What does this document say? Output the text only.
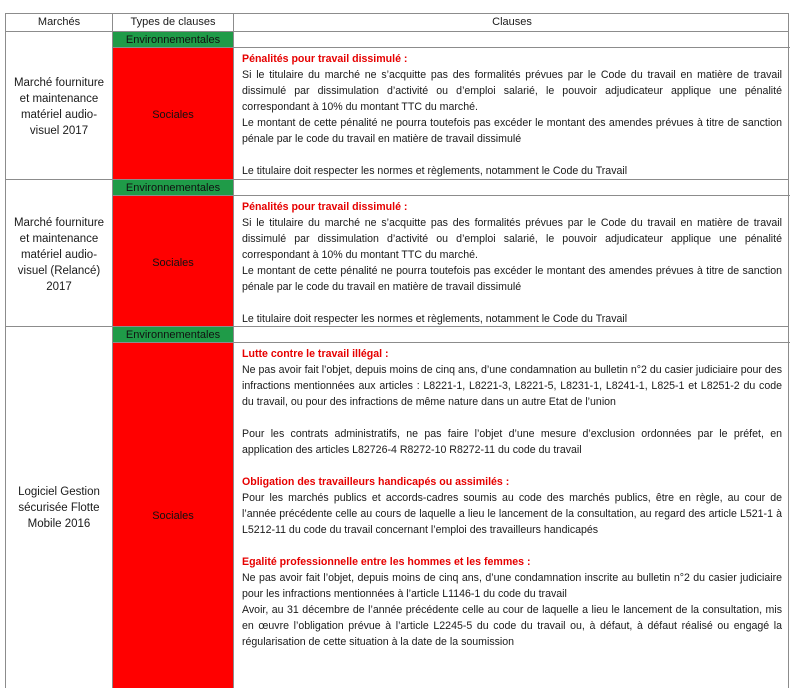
Marchés	Types de clauses	Clauses
Marché fourniture et maintenance matériel audio-visuel 2017
Environnementales
Sociales

Pénalités pour travail dissimulé :

Si le titulaire du marché ne s’acquitte pas des formalités prévues par le Code du travail en matière de travail dissimulé par dissimulation d’activité ou d’emploi salarié, le pouvoir adjudicateur applique une pénalité correspondant à 10% du montant TTC du marché.

Le montant de cette pénalité ne pourra toutefois pas excéder le montant des amendes prévues à titre de sanction pénale par le code du travail en matière de travail dissimulé

Le titulaire doit respecter les normes et règlements, notamment le Code du Travail

Marché fourniture et maintenance matériel audio-visuel (Relancé) 2017
Environnementales
Sociales

Pénalités pour travail dissimulé :

Si le titulaire du marché ne s’acquitte pas des formalités prévues par le Code du travail en matière de travail dissimulé par dissimulation d’activité ou d’emploi salarié, le pouvoir adjudicateur applique une pénalité correspondant à 10% du montant TTC du marché.

Le montant de cette pénalité ne pourra toutefois pas excéder le montant des amendes prévues à titre de sanction pénale par le code du travail en matière de travail dissimulé

Le titulaire doit respecter les normes et règlements, notamment le Code du Travail

Logiciel Gestion sécurisée Flotte Mobile 2016
Environnementales
Sociales

Lutte contre le travail illégal :

Ne pas avoir fait l’objet, depuis moins de cinq ans, d’une condamnation au bulletin n°2 du casier judiciaire pour des infractions mentionnées aux articles : L8221-1, L8221-3, L8221-5, L8231-1, L8241-1, L825-1 et L8251-2 du code du travail, ou pour des infractions de même nature dans un autre Etat de l’union

Pour les contrats administratifs, ne pas faire l’objet d’une mesure d’exclusion ordonnées par le préfet, en application des articles L82726-4 R8272-10 R8272-11 du code du travail

Obligation des travailleurs handicapés ou assimilés :

Pour les marchés publics et accords-cadres soumis au code des marchés publics, être en règle, au cour de l’année précédente celle au cours de laquelle a lieu le lancement de la consultation, au regard des article L521-1 à L5212-11 du code du travail concernant l’emploi des travailleurs handicapés

Egalité professionnelle entre les hommes et les femmes :

Ne pas avoir fait l’objet, depuis moins de cinq ans, d’une condamnation inscrite au bulletin n°2 du casier judiciaire pour les infractions mentionnées à l’article L1146-1 du code du travail

Avoir, au 31 décembre de l’année précédente celle au cour de laquelle a lieu le lancement de la consultation, mis en œuvre l’obligation prévue à l’article L2245-5 du code du travail ou, à défaut, à défaut réalisé ou engagé la régularisation de cette situation à la date de la soumission
